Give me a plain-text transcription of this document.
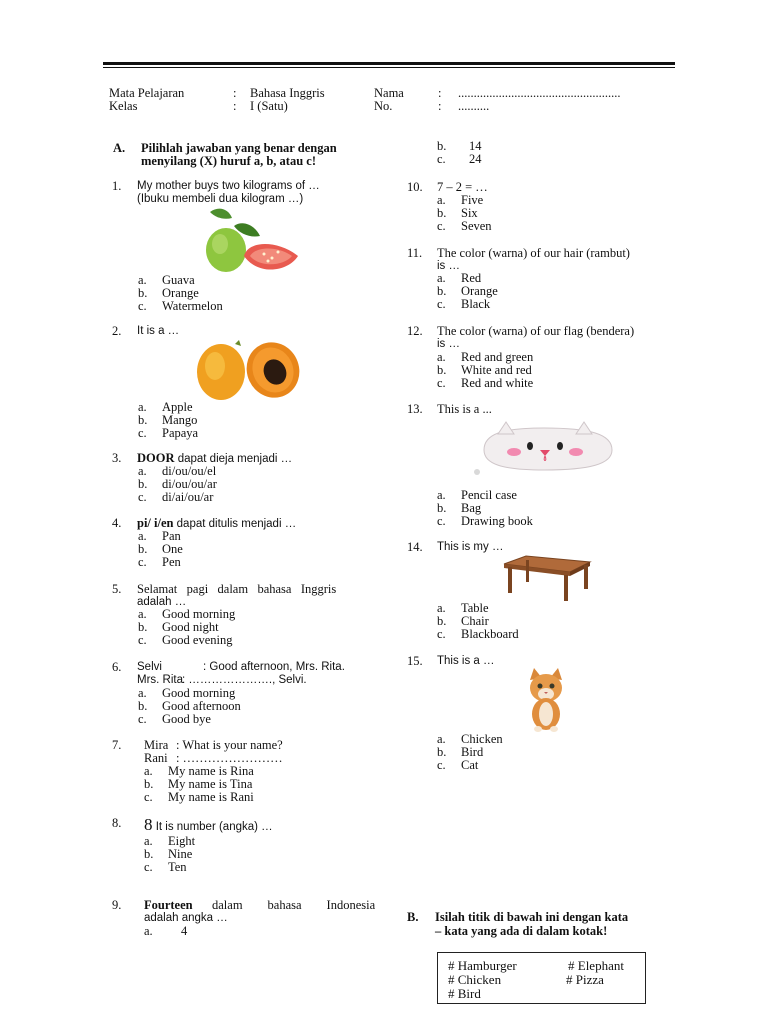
Mata Pelajaran	: Bahasa Inggris	Nama	: ....................................................
Kelas	: I (Satu)	No.	: ..........
A. Pilihlah jawaban yang benar dengan
menyilang (X) huruf a, b, atau c!
1. My mother buys two kilograms of …
(Ibuku membeli dua kilogram …)
a. Guava
b. Orange
c. Watermelon
2. It is a …
a. Apple
b. Mango
c. Papaya
3. DOOR dapat dieja menjadi …
a. di/ou/ou/el
b. di/ou/ou/ar
c. di/ai/ou/ar
4. pi/ i/en dapat ditulis menjadi …
a. Pan
b. One
c. Pen
5. Selamat   pagi   dalam   bahasa   Inggris
adalah …
a. Good morning
b. Good night
c. Good evening
6. Selvi	: Good afternoon, Mrs. Rita.
Mrs. Rita : …………………., Selvi.
a. Good morning
b. Good afternoon
c. Good bye
7. Mira : What is your name?
Rani : ……………………
a. My name is Rina
b. My name is Tina
c. My name is Rani
8. 8 It is number (angka) …
a. Eight
b. Nine
c. Ten
9. Fourteen dalam        bahasa        Indonesia
adalah angka …
a. 4
b. 14
c. 24
10. 7 – 2 = …
a. Five
b. Six
c. Seven
11. The color (warna) of our hair (rambut)
is …
a. Red
b. Orange
c. Black
12. The color (warna) of our flag (bendera)
is …
a. Red and green
b. White and red
c. Red and white
13. This is a ...
a. Pencil case
b. Bag
c. Drawing book
14. This is my …
a. Table
b. Chair
c. Blackboard
15. This is a …
a. Chicken
b. Bird
c. Cat
B. Isilah titik di bawah ini dengan kata
– kata yang ada di dalam kotak!
# Hamburger	# Elephant
# Chicken	# Pizza
# Bird
